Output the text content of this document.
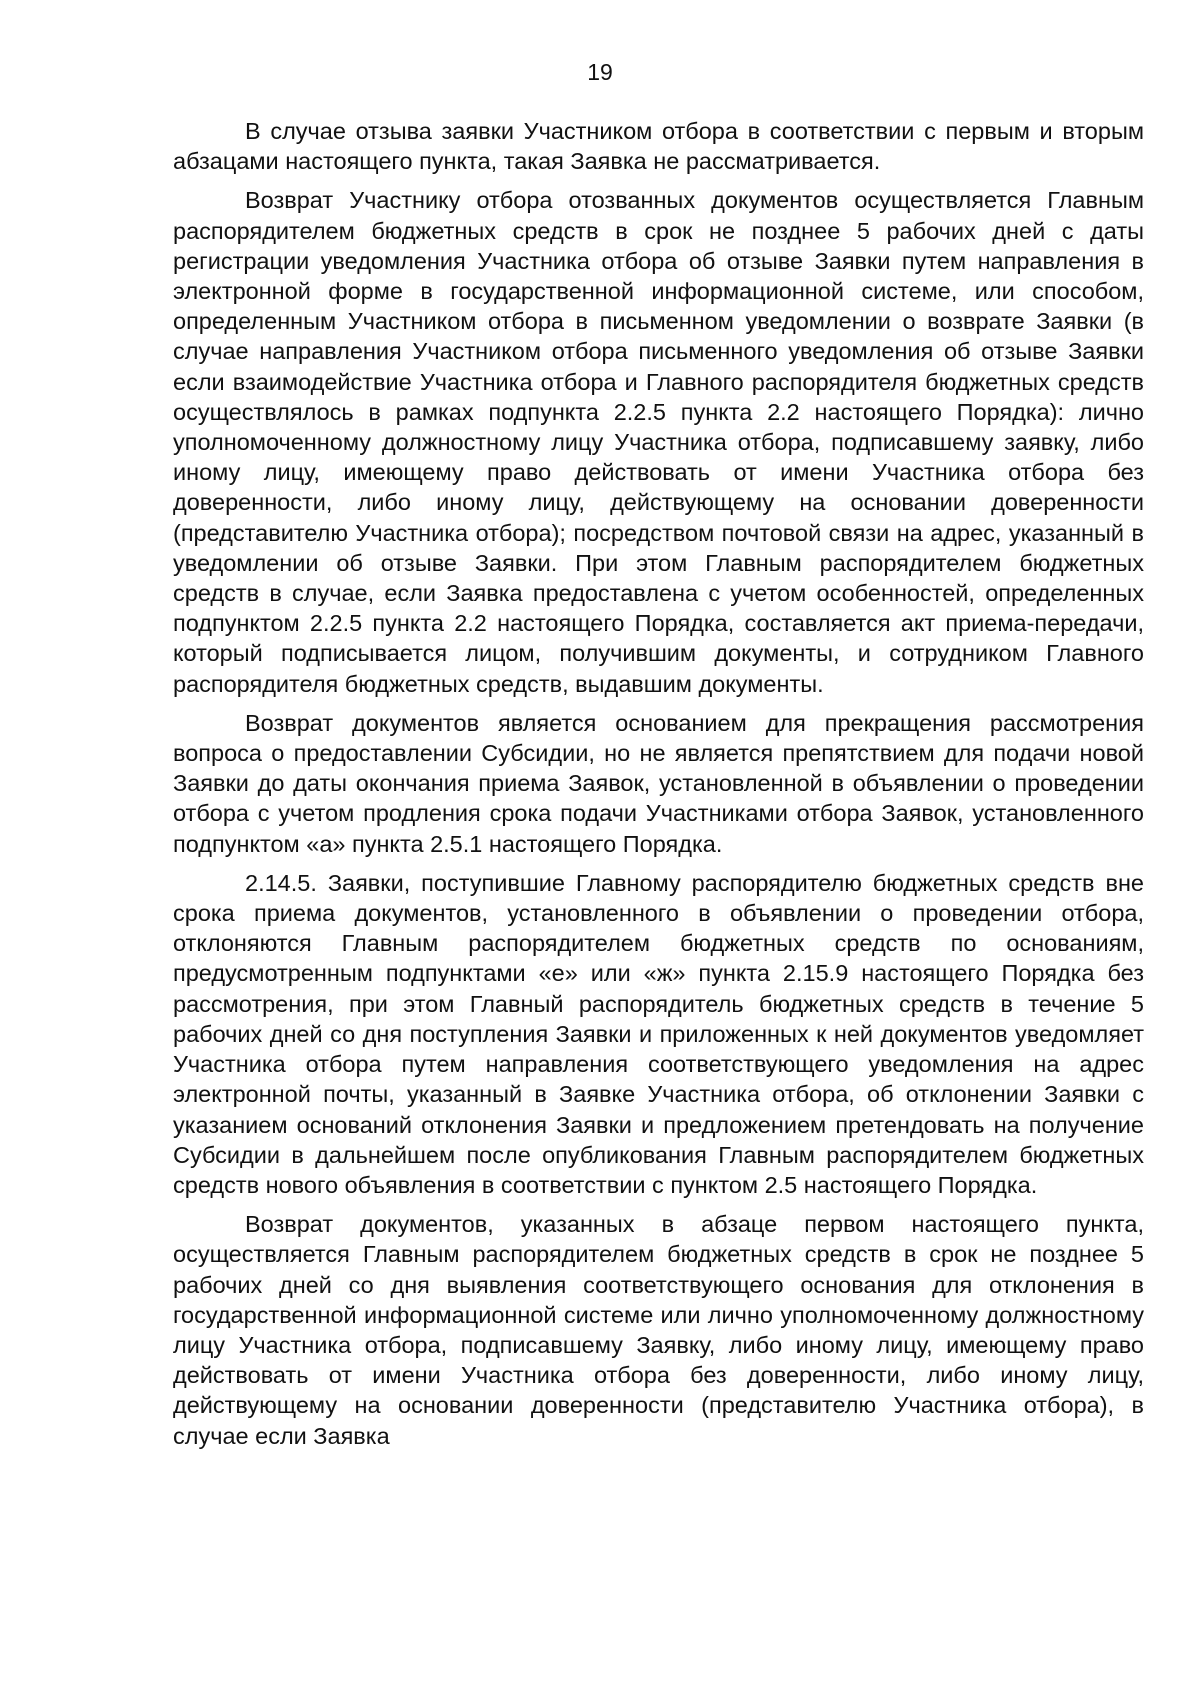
19

В случае отзыва заявки Участником отбора в соответствии с первым и вторым абзацами настоящего пункта, такая Заявка не рассматривается.

Возврат Участнику отбора отозванных документов осуществляется Главным распорядителем бюджетных средств в срок не позднее 5 рабочих дней с даты регистрации уведомления Участника отбора об отзыве Заявки путем направления в электронной форме в государственной информационной системе, или способом, определенным Участником отбора в письменном уведомлении о возврате Заявки (в случае направления Участником отбора письменного уведомления об отзыве Заявки если взаимодействие Участника отбора и Главного распорядителя бюджетных средств осуществлялось в рамках подпункта 2.2.5 пункта 2.2 настоящего Порядка): лично уполномоченному должностному лицу Участника отбора, подписавшему заявку, либо иному лицу, имеющему право действовать от имени Участника отбора без доверенности, либо иному лицу, действующему на основании доверенности (представителю Участника отбора); посредством почтовой связи на адрес, указанный в уведомлении об отзыве Заявки. При этом Главным распорядителем бюджетных средств в случае, если Заявка предоставлена с учетом особенностей, определенных подпунктом 2.2.5 пункта 2.2 настоящего Порядка, составляется акт приема-передачи, который подписывается лицом, получившим документы, и сотрудником Главного распорядителя бюджетных средств, выдавшим документы.

Возврат документов является основанием для прекращения рассмотрения вопроса о предоставлении Субсидии, но не является препятствием для подачи новой Заявки до даты окончания приема Заявок, установленной в объявлении о проведении отбора с учетом продления срока подачи Участниками отбора Заявок, установленного подпунктом «а» пункта 2.5.1 настоящего Порядка.

2.14.5. Заявки, поступившие Главному распорядителю бюджетных средств вне срока приема документов, установленного в объявлении о проведении отбора, отклоняются Главным распорядителем бюджетных средств по основаниям, предусмотренным подпунктами «е» или «ж» пункта 2.15.9 настоящего Порядка без рассмотрения, при этом Главный распорядитель бюджетных средств в течение 5 рабочих дней со дня поступления Заявки и приложенных к ней документов уведомляет Участника отбора путем направления соответствующего уведомления на адрес электронной почты, указанный в Заявке Участника отбора, об отклонении Заявки с указанием оснований отклонения Заявки и предложением претендовать на получение Субсидии в дальнейшем после опубликования Главным распорядителем бюджетных средств нового объявления в соответствии с пунктом 2.5 настоящего Порядка.

Возврат документов, указанных в абзаце первом настоящего пункта, осуществляется Главным распорядителем бюджетных средств в срок не позднее 5 рабочих дней со дня выявления соответствующего основания для отклонения в государственной информационной системе или лично уполномоченному должностному лицу Участника отбора, подписавшему Заявку, либо иному лицу, имеющему право действовать от имени Участника отбора без доверенности, либо иному лицу, действующему на основании доверенности (представителю Участника отбора), в случае если Заявка
